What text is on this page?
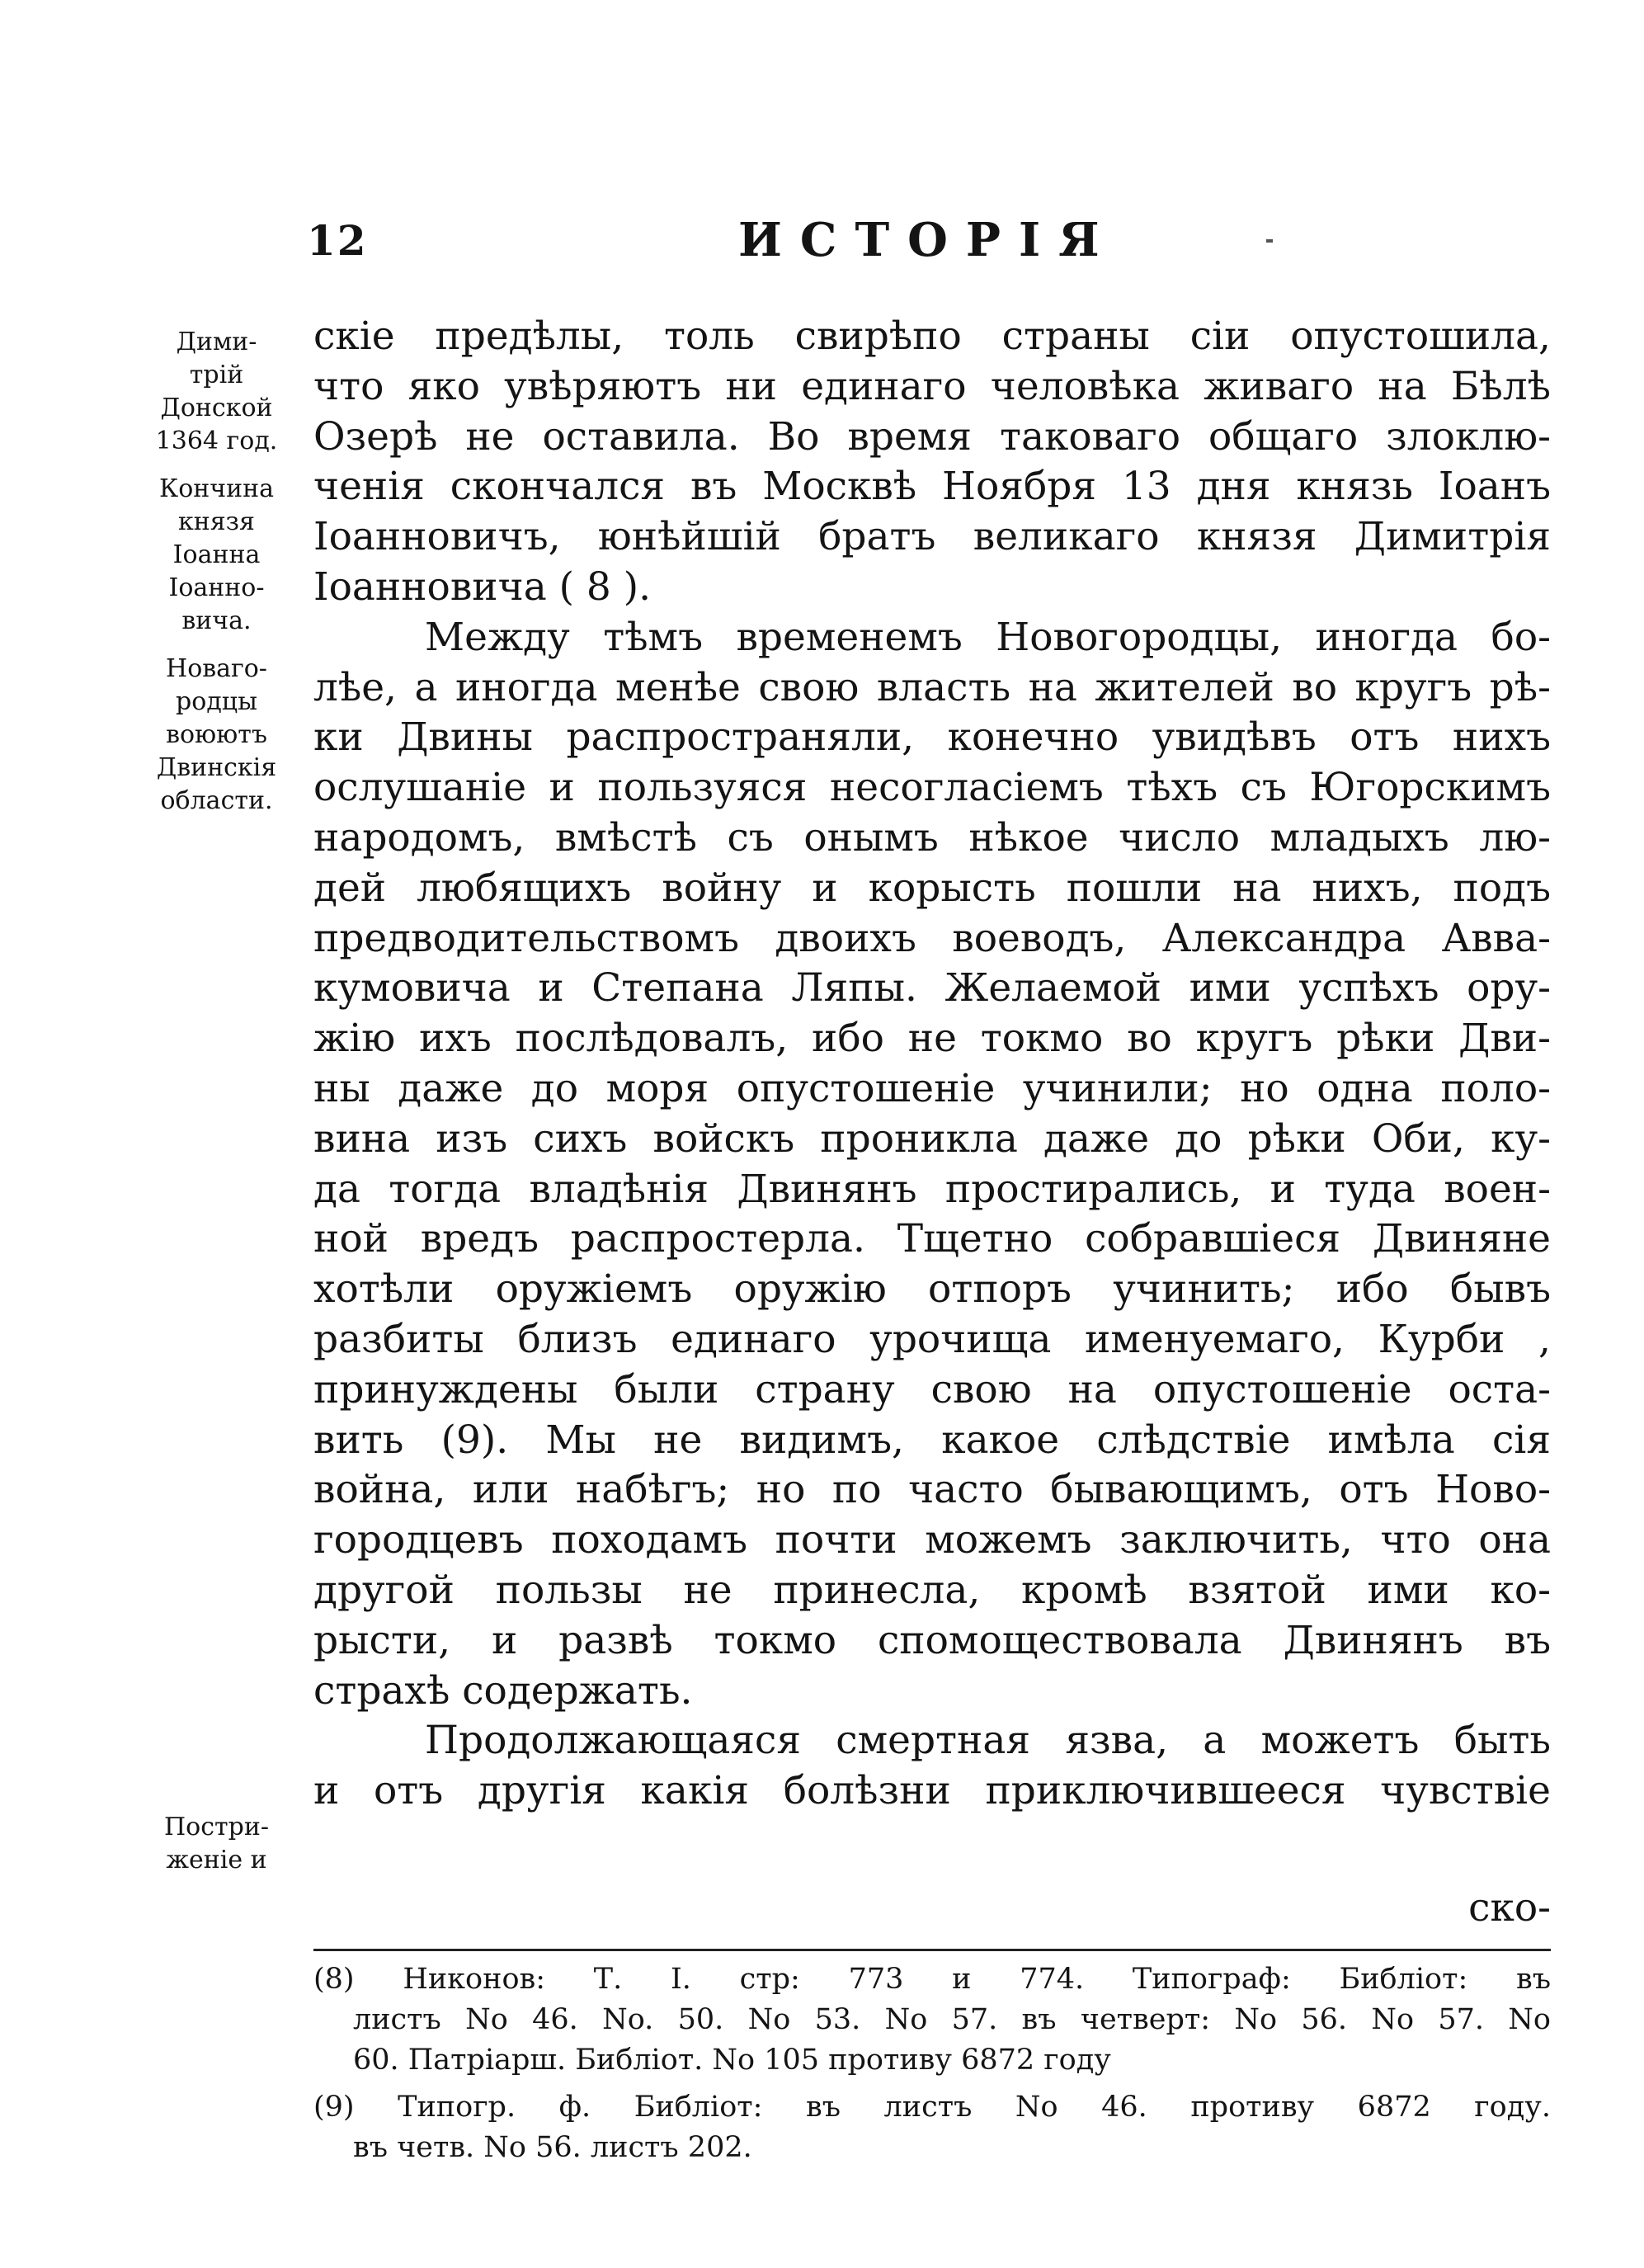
12	ИСТОРІЯ
Дими-
трій
Донской
1364 год.
Кончина
князя
Іоанна
Іоанно-
вича.
Новаго-
родцы
воюютъ
Двинскія
области.
Постри-
женіе и
скіе предѣлы, толь свирѣпо страны сіи опустошила,
что яко увѣряютъ ни единаго человѣка живаго на Бѣлѣ
Озерѣ не оставила. Во время таковаго общаго злоклю-
ченія скончался въ Москвѣ Ноября 13 дня князь Іоанъ
Іоанновичъ, юнѣйшій братъ великаго князя Димитрія
Іоанновича ( 8 ).
Между тѣмъ временемъ Новогородцы, иногда бо-
лѣе, а иногда менѣе свою власть на жителей во кругъ рѣ-
ки Двины распространяли, конечно увидѣвъ отъ нихъ
ослушаніе и пользуяся несогласіемъ тѣхъ съ Югорскимъ
народомъ, вмѣстѣ съ онымъ нѣкое число младыхъ лю-
дей любящихъ войну и корысть пошли на нихъ, подъ
предводительствомъ двоихъ воеводъ, Александра Авва-
кумовича и Степана Ляпы. Желаемой ими успѣхъ ору-
жію ихъ послѣдовалъ, ибо не токмо во кругъ рѣки Дви-
ны даже до моря опустошеніе учинили; но одна поло-
вина изъ сихъ войскъ проникла даже до рѣки Оби, ку-
да тогда владѣнія Двинянъ простирались, и туда воен-
ной вредъ распростерла. Тщетно собравшіеся Двиняне
хотѣли оружіемъ оружію отпоръ учинить; ибо бывъ
разбиты близъ единаго урочища именуемаго, Курби ,
принуждены были страну свою на опустошеніе оста-
вить (9). Мы не видимъ, какое слѣдствіе имѣла сія
война, или набѣгъ; но по часто бывающимъ, отъ Ново-
городцевъ походамъ почти можемъ заключить, что она
другой пользы не принесла, кромѣ взятой ими ко-
рысти, и развѣ токмо спомоществовала Двинянъ въ
страхѣ содержать.
Продолжающаяся смертная язва, а можетъ быть
и отъ другія какія болѣзни приключившееся чувствіе
ско-
(8) Никонов: Т. I. стр: 773 и 774. Типограф: Библіот: въ
листъ No 46. No. 50. No 53. No 57. въ четверт: No 56. No 57. No
60. Патріарш. Библіот. No 105 противу 6872 году
(9) Типогр. ф. Библіот: въ листъ No 46. противу 6872 году.
въ четв. No 56. листъ 202.
